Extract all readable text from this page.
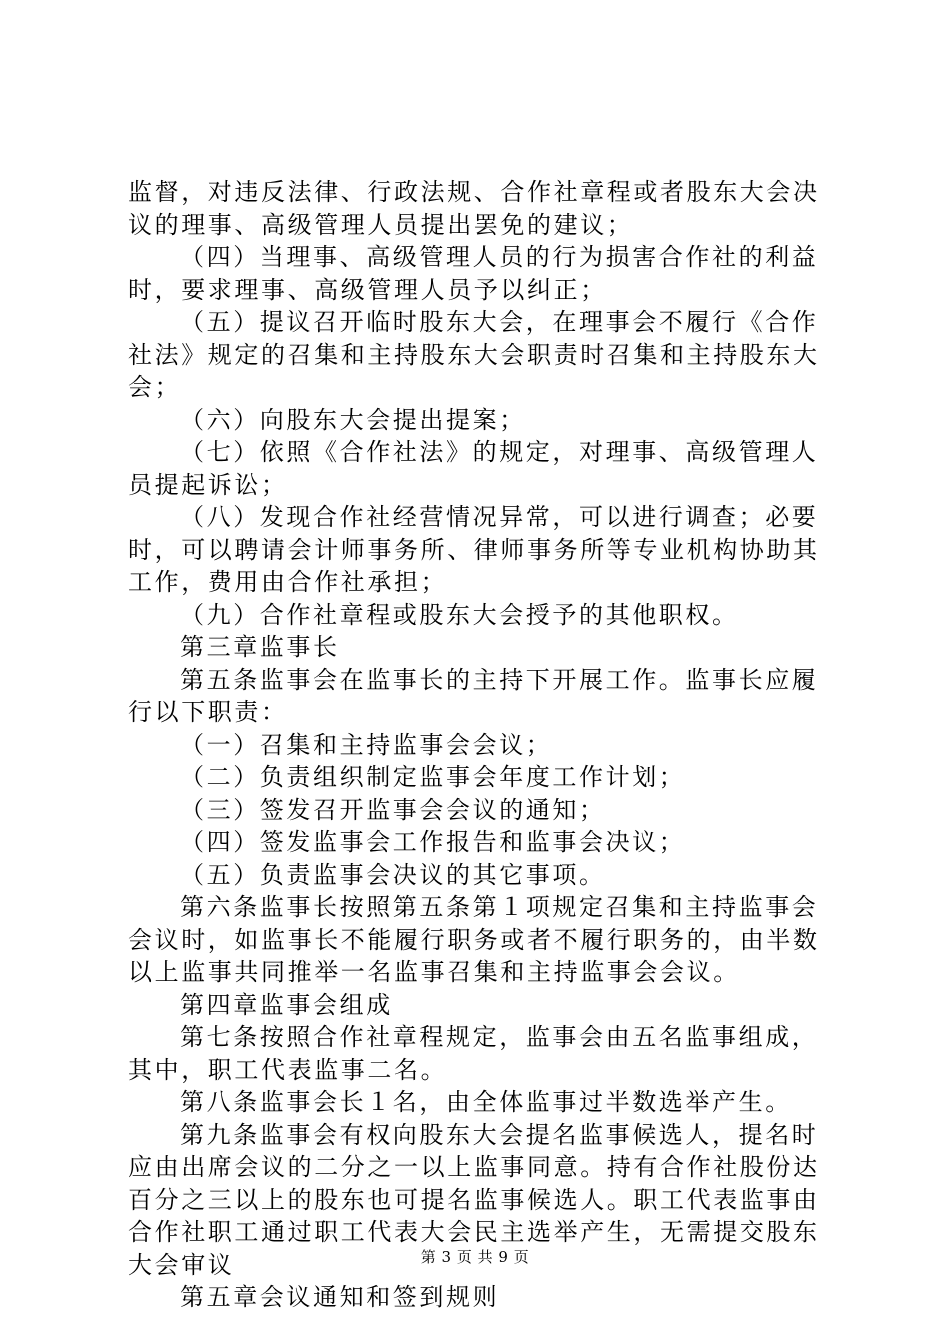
监督，对违反法律、行政法规、合作社章程或者股东大会决议的理事、高级管理人员提出罢免的建议；

（四）当理事、高级管理人员的行为损害合作社的利益时，要求理事、高级管理人员予以纠正；

（五）提议召开临时股东大会，在理事会不履行《合作社法》规定的召集和主持股东大会职责时召集和主持股东大会；

（六）向股东大会提出提案；

（七）依照《合作社法》的规定，对理事、高级管理人员提起诉讼；

（八）发现合作社经营情况异常，可以进行调查；必要时，可以聘请会计师事务所、律师事务所等专业机构协助其工作，费用由合作社承担；

（九）合作社章程或股东大会授予的其他职权。

第三章监事长

第五条监事会在监事长的主持下开展工作。监事长应履行以下职责：

（一）召集和主持监事会会议；

（二）负责组织制定监事会年度工作计划；

（三）签发召开监事会会议的通知；

（四）签发监事会工作报告和监事会决议；

（五）负责监事会决议的其它事项。

第六条监事长按照第五条第１项规定召集和主持监事会会议时，如监事长不能履行职务或者不履行职务的，由半数以上监事共同推举一名监事召集和主持监事会会议。

第四章监事会组成

第七条按照合作社章程规定，监事会由五名监事组成，其中，职工代表监事二名。

第八条监事会长１名，由全体监事过半数选举产生。

第九条监事会有权向股东大会提名监事候选人，提名时应由出席会议的二分之一以上监事同意。持有合作社股份达百分之三以上的股东也可提名监事候选人。职工代表监事由合作社职工通过职工代表大会民主选举产生，无需提交股东大会审议

第五章会议通知和签到规则

第 3 页 共 9 页
